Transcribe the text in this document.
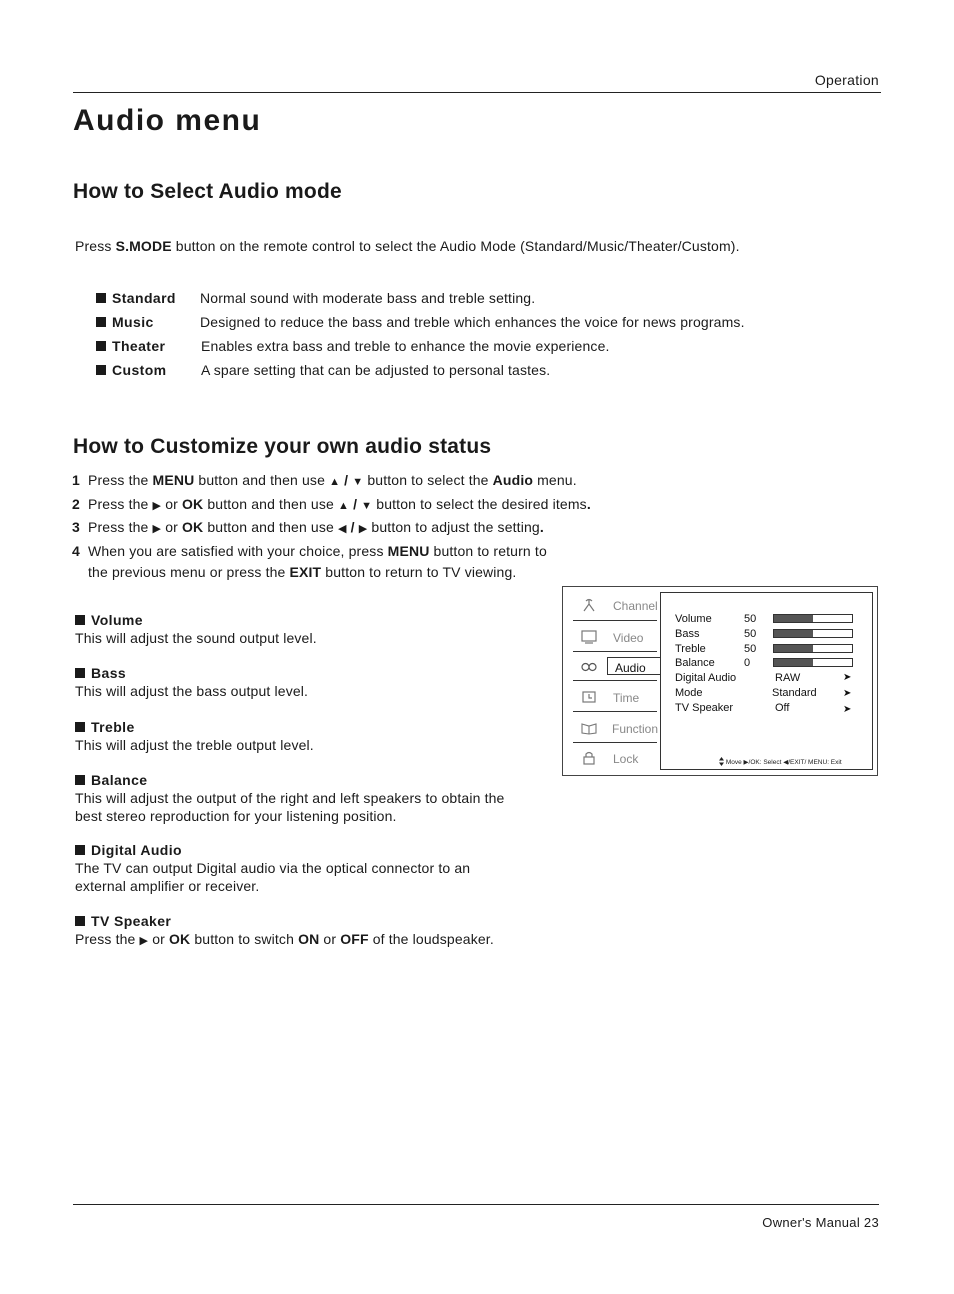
Operation
Audio menu
How to Select Audio mode
Press S.MODE button on the remote control to select the Audio Mode (Standard/Music/Theater/Custom).
Standard Normal sound with moderate bass and treble setting.
Music	Designed to reduce the bass and treble which enhances the voice for news programs.
Theater	Enables extra bass and treble to enhance the movie experience.
Custom A spare setting that can be adjusted to personal tastes.
How to Customize your own audio status
1 Press the MENU button and then use ▲ / ▼ button to select the Audio menu.
2 Press the ▶ or OK button and then use ▲ / ▼ button to select the desired items.
3 Press the ▶ or OK button and then use ◀ / ▶ button to adjust the setting.
4 When you are satisfied with your choice, press MENU button to return to
the previous menu or press the EXIT button to return to TV viewing.
Volume
This will adjust the sound output level.
Bass
This will adjust the bass output level.
Treble
This will adjust the treble output level.
Balance
This will adjust the output of the right and left speakers to obtain the
best stereo reproduction for your listening position.
Digital Audio
The TV can output Digital audio via the optical connector to an
external amplifier or receiver.
TV Speaker
Press the ▶ or OK button to switch ON or OFF of the loudspeaker.
Channel
Video
Audio
Time
Function
Lock
Volume	50
Bass	50
Treble	50
Balance	0
Digital Audio	RAW	➤
Mode	Standard	➤
TV Speaker	Off	➤
Move ▶/OK: Select ◀/EXIT/ MENU: Exit
Owner's Manual 23
